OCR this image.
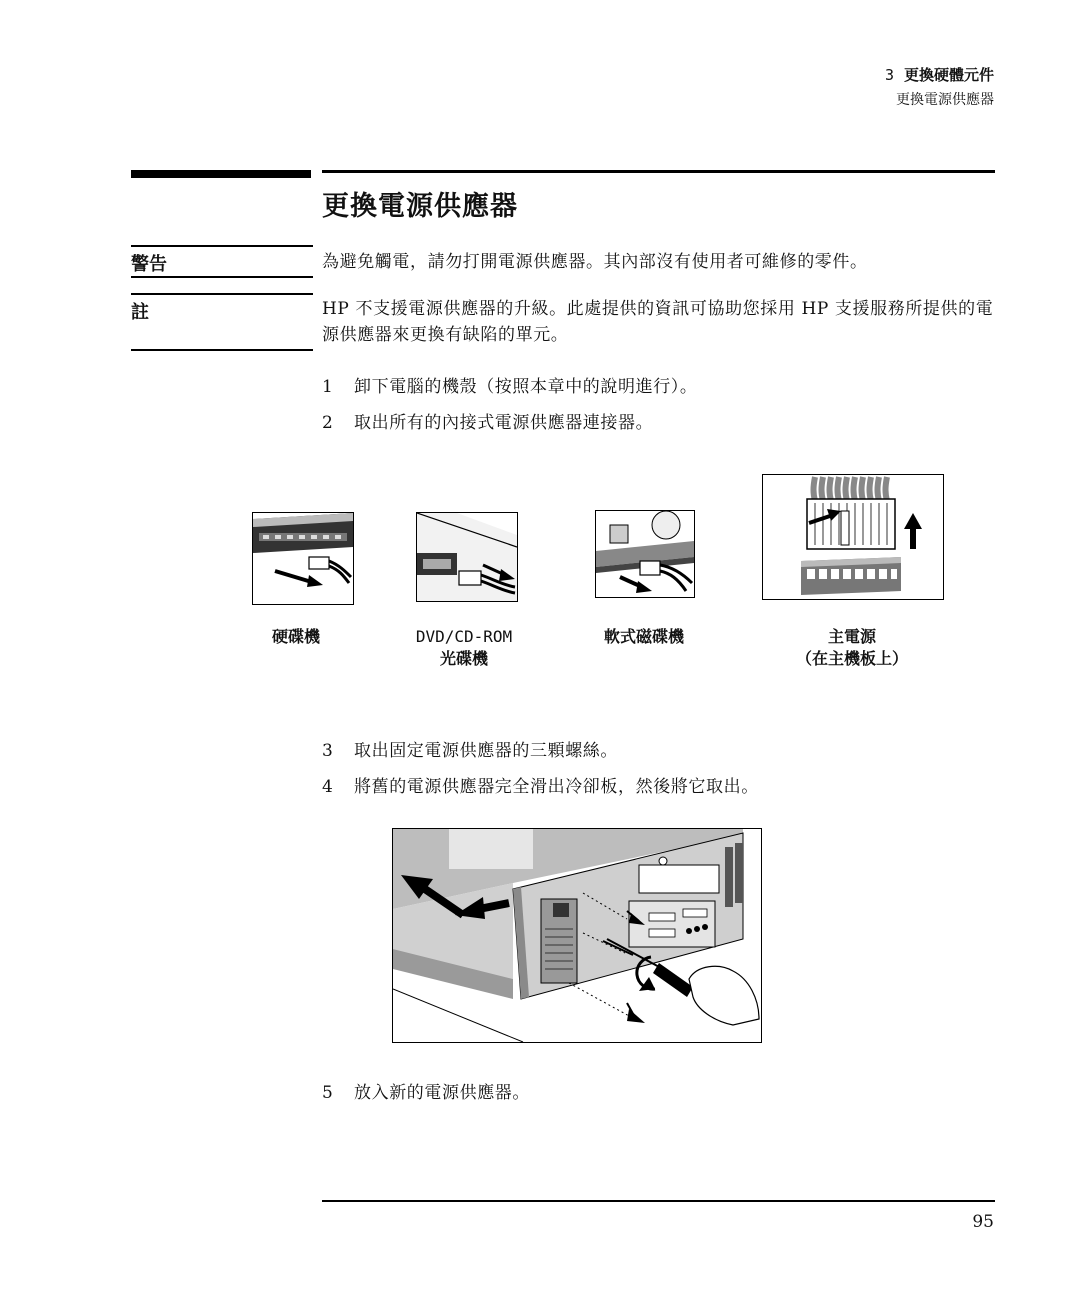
3 更換硬體元件
更換電源供應器
更換電源供應器
警告	為避免觸電，請勿打開電源供應器。其內部沒有使用者可維修的零件。
註	HP 不支援電源供應器的升級。此處提供的資訊可協助您採用 HP 支援服務所提供的電源供應器來更換有缺陷的單元。
1 卸下電腦的機殼（按照本章中的說明進行）。
2 取出所有的內接式電源供應器連接器。
硬碟機	DVD/CD-ROM
光碟機
軟式磁碟機	主電源
（在主機板上）
3 取出固定電源供應器的三顆螺絲。
4 將舊的電源供應器完全滑出冷卻板，然後將它取出。
5 放入新的電源供應器。
95
